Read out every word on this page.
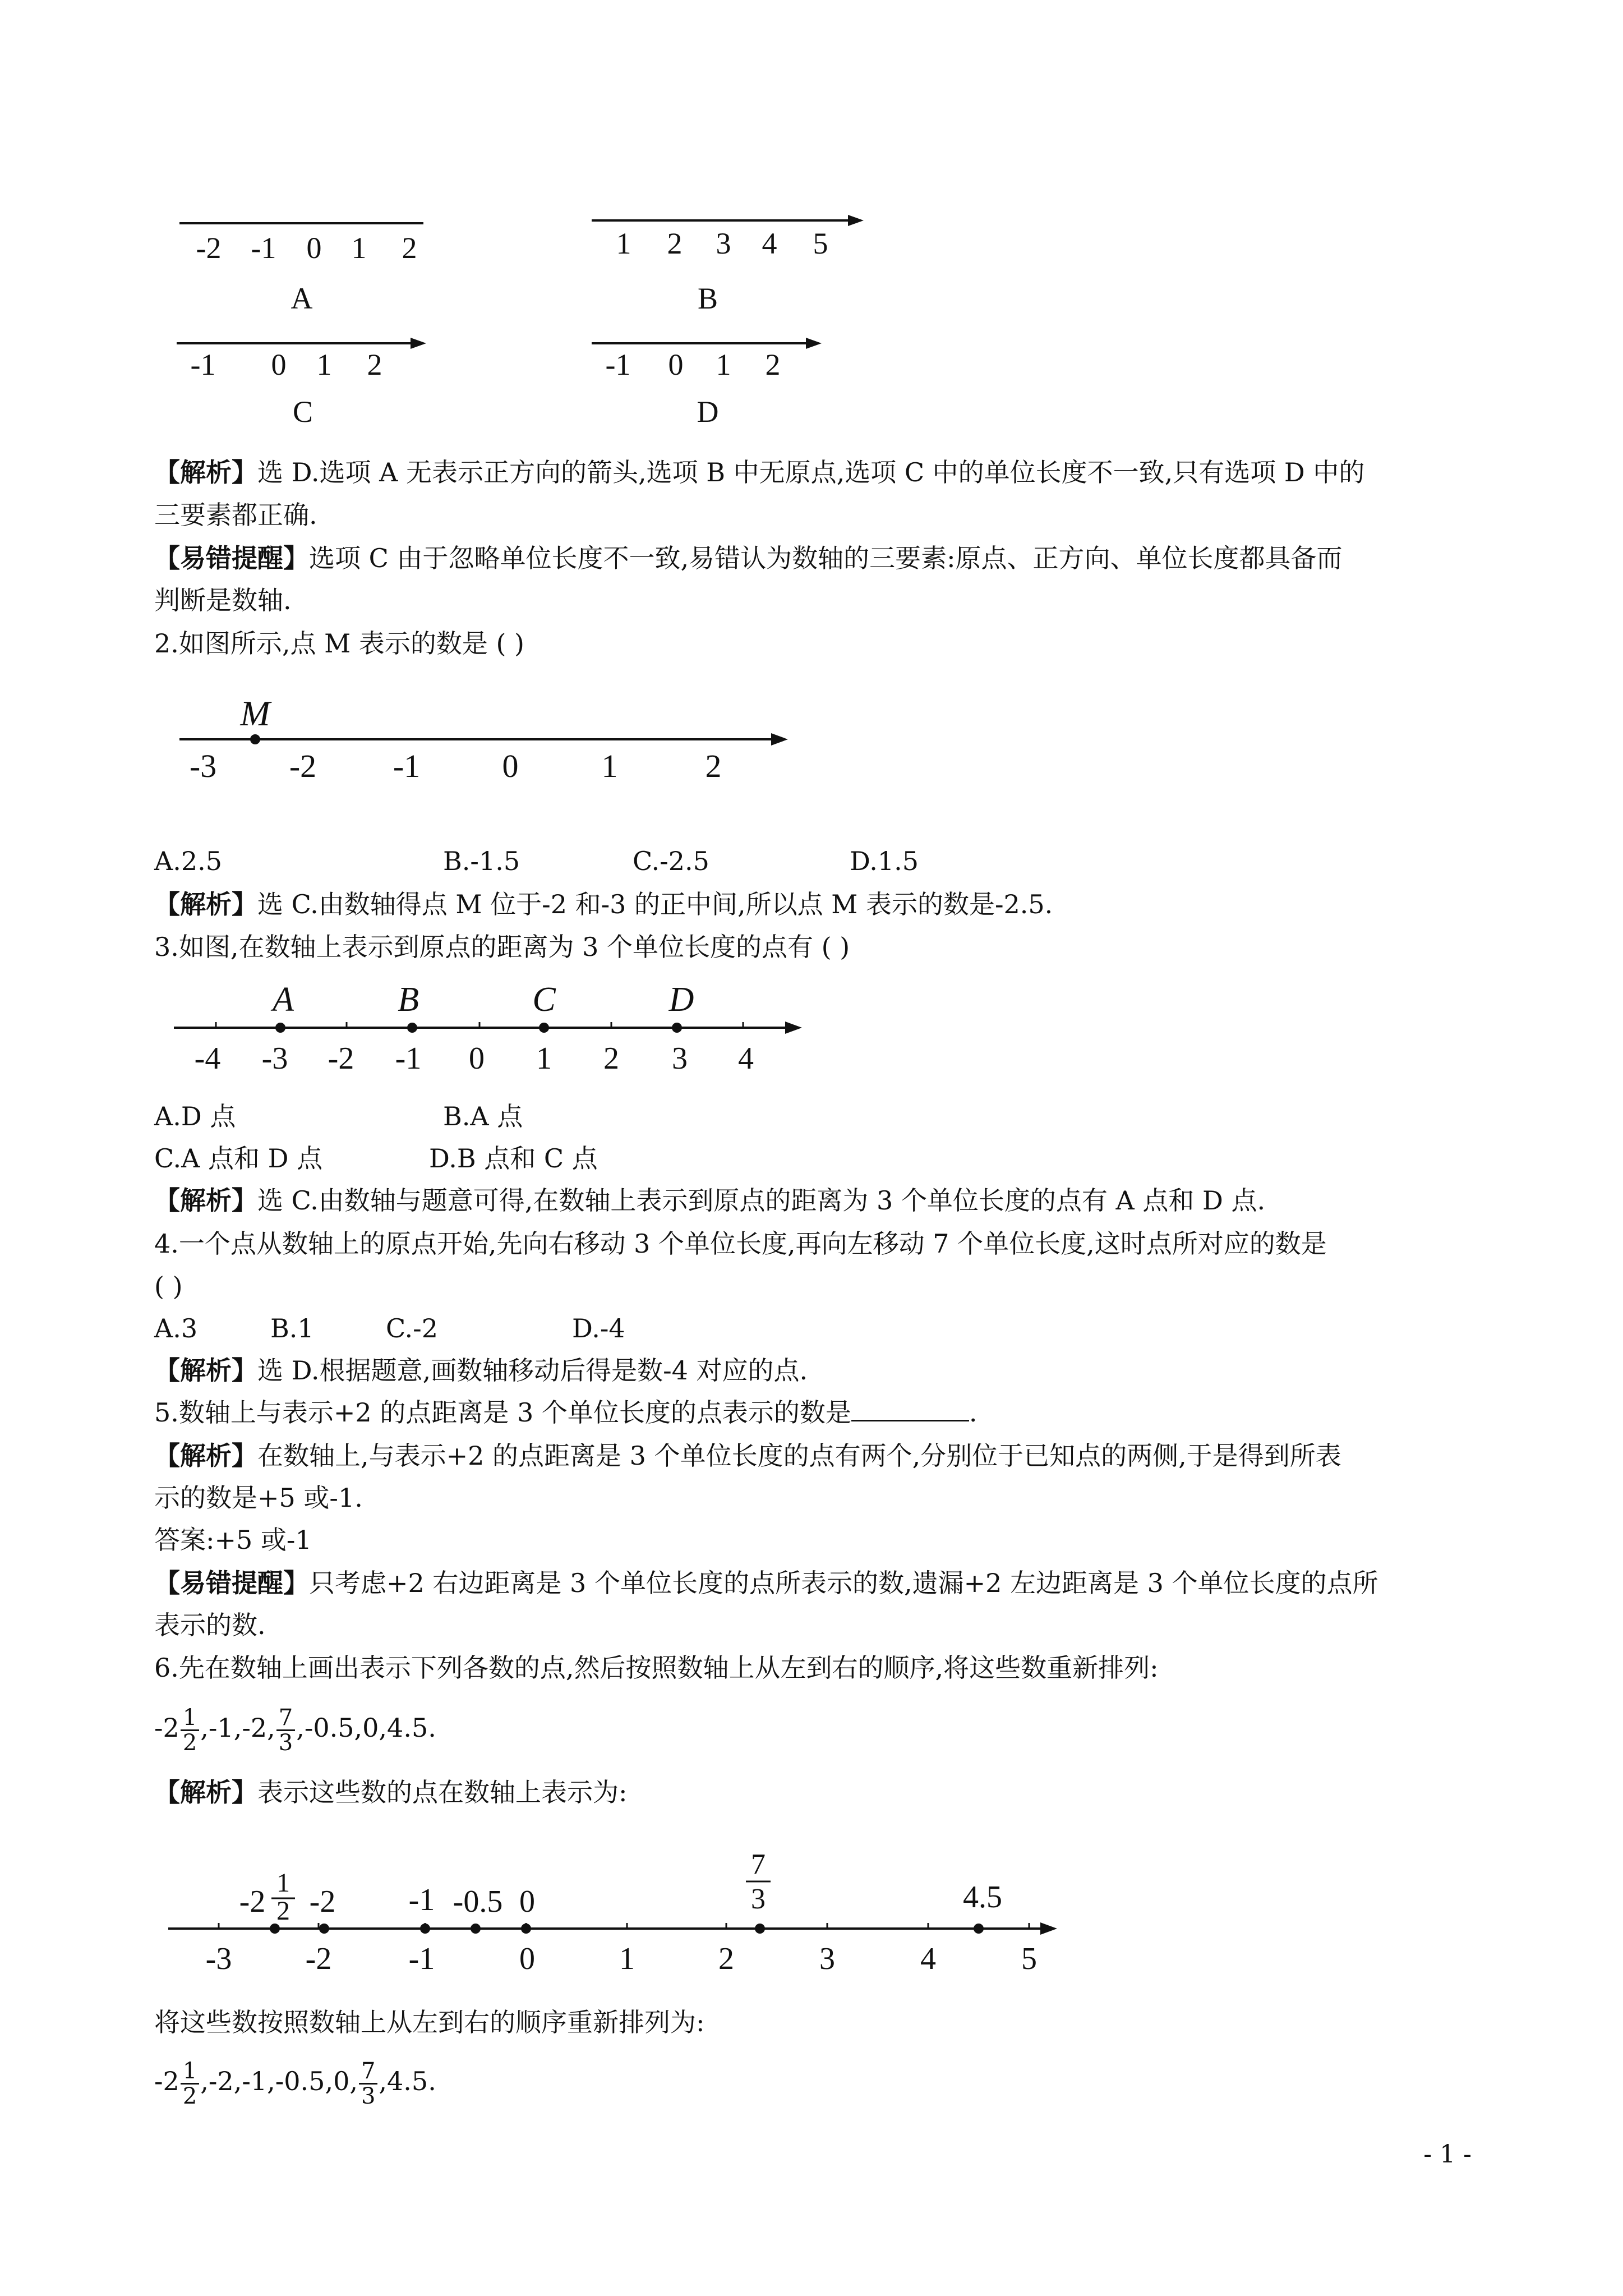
-2 -1 0 1 2
A
1 2 3 4 5
B
-1 0 1 2
C
-1 0 1 2
D
【解析】选 D.选项 A 无表示正方向的箭头,选项 B 中无原点,选项 C 中的单位长度不一致,只有选项 D 中的
三要素都正确.
【易错提醒】选项 C 由于忽略单位长度不一致,易错认为数轴的三要素:原点、正方向、单位长度都具备而
判断是数轴.
2.如图所示,点 M 表示的数是 ( )
M
-3 -2 -1	0	1	2
A.2.5	B.-1.5	C.-2.5	D.1.5
【解析】选 C.由数轴得点 M 位于-2 和-3 的正中间,所以点 M 表示的数是-2.5.
3.如图,在数轴上表示到原点的距离为 3 个单位长度的点有 ( )
A	B	C	D
-4 -3 -2 -1 0 1 2 3 4
A.D 点	B.A 点
C.A 点和 D 点	D.B 点和 C 点
【解析】选 C.由数轴与题意可得,在数轴上表示到原点的距离为 3 个单位长度的点有 A 点和 D 点.
4.一个点从数轴上的原点开始,先向右移动 3 个单位长度,再向左移动 7 个单位长度,这时点所对应的数是
( )
A.3	B.1	C.-2	D.-4
【解析】选 D.根据题意,画数轴移动后得是数-4 对应的点.
5.数轴上与表示+2 的点距离是 3 个单位长度的点表示的数是	.
【解析】在数轴上,与表示+2 的点距离是 3 个单位长度的点有两个,分别位于已知点的两侧,于是得到所表
示的数是+5 或-1.
答案:+5 或-1
【易错提醒】只考虑+2 右边距离是 3 个单位长度的点所表示的数,遗漏+2 左边距离是 3 个单位长度的点所
表示的数.
6.先在数轴上画出表示下列各数的点,然后按照数轴上从左到右的顺序,将这些数重新排列:
$-2 \frac{1}{2} ,-1,-2$, $\frac{7}{3} ,-0.5,0,4.5$.
【解析】表示这些数的点在数轴上表示为:
-2
1
2 -2 -1 -0.5 0
7
3	4.5
-3 -2 -1	0	1	2	3	4	5
将这些数按照数轴上从左到右的顺序重新排列为:
$-2 \frac{1}{2} ,-2,-1,-0.5,0$, $\frac{7}{3} ,4.5$.
- 1 -
